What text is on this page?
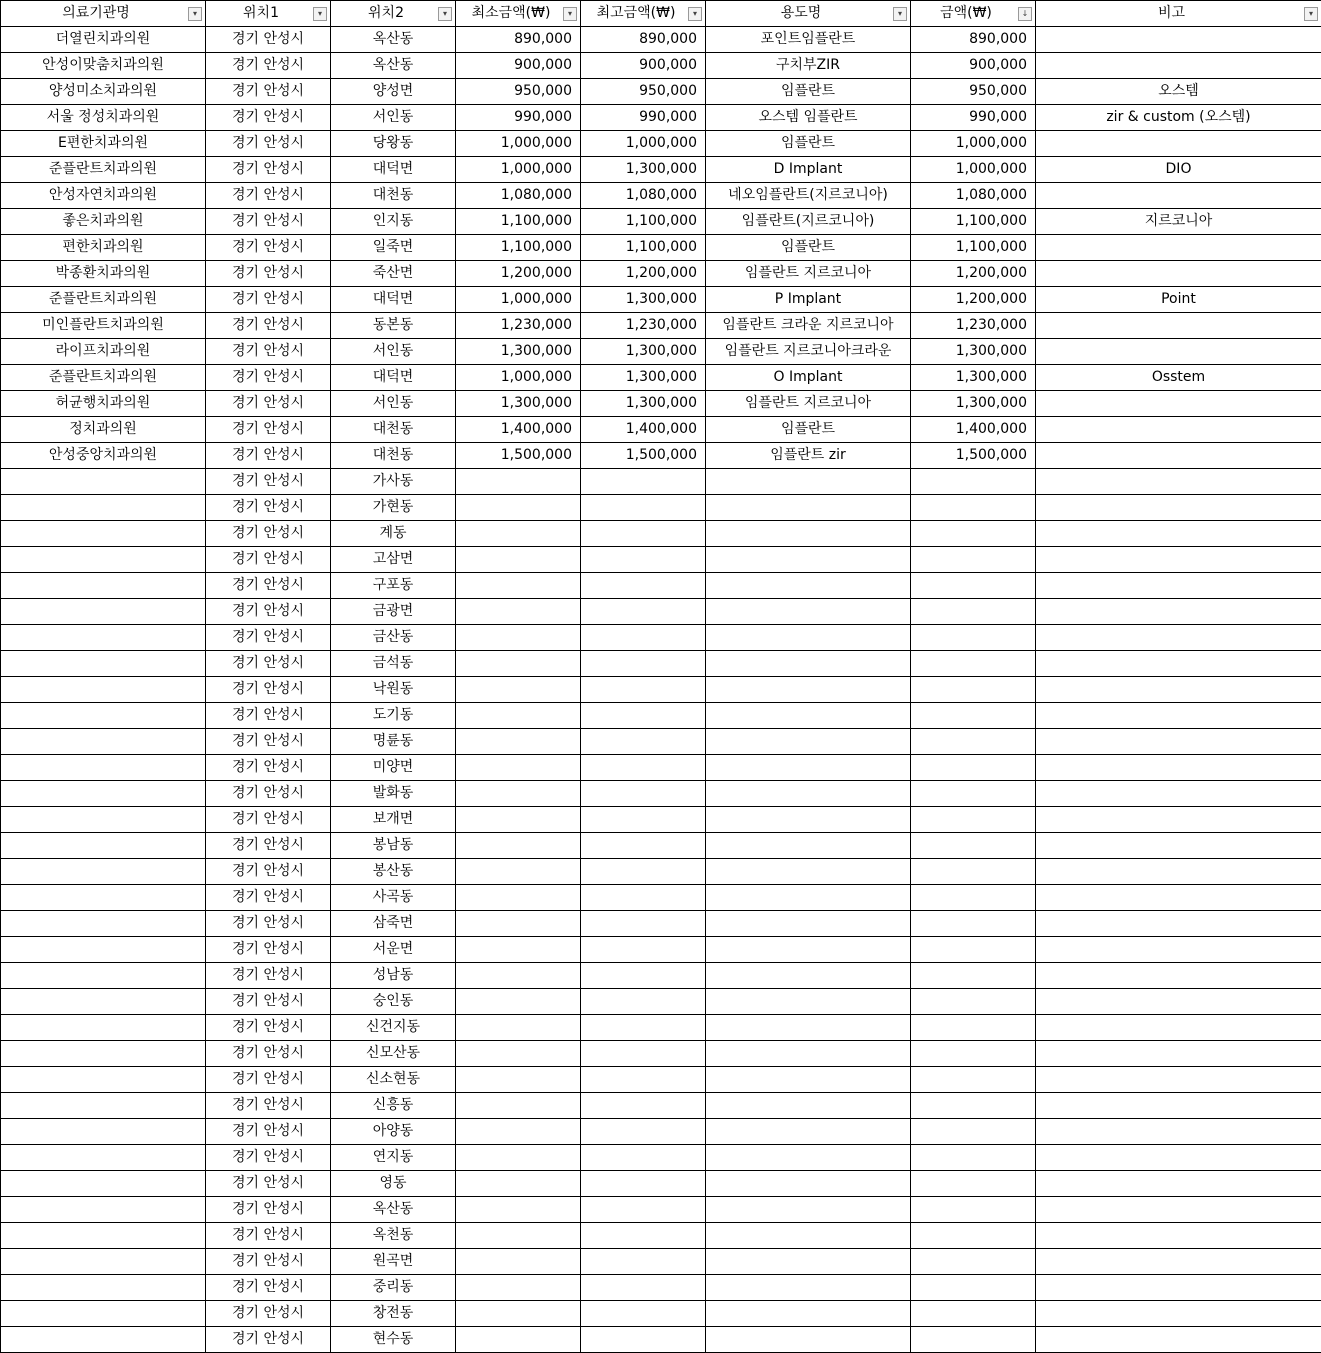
의료기관명 ▾	위치1 ▾	위치2 ▾	최소금액(₩) ▾	최고금액(₩) ▾	용도명 ▾	금액(₩) ↓	비고 ▾

더열린치과의원	경기 안성시	옥산동	890,000	890,000	포인트임플란트	890,000	
안성이맞춤치과의원	경기 안성시	옥산동	900,000	900,000	구치부ZIR	900,000	
양성미소치과의원	경기 안성시	양성면	950,000	950,000	임플란트	950,000	오스템
서울 정성치과의원	경기 안성시	서인동	990,000	990,000	오스템 임플란트	990,000	zir & custom (오스템)
E편한치과의원	경기 안성시	당왕동	1,000,000	1,000,000	임플란트	1,000,000	
준플란트치과의원	경기 안성시	대덕면	1,000,000	1,300,000	D Implant	1,000,000	DIO
안성자연치과의원	경기 안성시	대천동	1,080,000	1,080,000	네오임플란트(지르코니아)	1,080,000	
좋은치과의원	경기 안성시	인지동	1,100,000	1,100,000	임플란트(지르코니아)	1,100,000	지르코니아
편한치과의원	경기 안성시	일죽면	1,100,000	1,100,000	임플란트	1,100,000	
박종환치과의원	경기 안성시	죽산면	1,200,000	1,200,000	임플란트 지르코니아	1,200,000	
준플란트치과의원	경기 안성시	대덕면	1,000,000	1,300,000	P Implant	1,200,000	Point
미인플란트치과의원	경기 안성시	동본동	1,230,000	1,230,000	임플란트 크라운 지르코니아	1,230,000	
라이프치과의원	경기 안성시	서인동	1,300,000	1,300,000	임플란트 지르코니아크라운	1,300,000	
준플란트치과의원	경기 안성시	대덕면	1,000,000	1,300,000	O Implant	1,300,000	Osstem
허균행치과의원	경기 안성시	서인동	1,300,000	1,300,000	임플란트 지르코니아	1,300,000	
정치과의원	경기 안성시	대천동	1,400,000	1,400,000	임플란트	1,400,000	
안성중앙치과의원	경기 안성시	대천동	1,500,000	1,500,000	임플란트 zir	1,500,000	
	경기 안성시	가사동					
	경기 안성시	가현동					
	경기 안성시	계동					
	경기 안성시	고삼면					
	경기 안성시	구포동					
	경기 안성시	금광면					
	경기 안성시	금산동					
	경기 안성시	금석동					
	경기 안성시	낙원동					
	경기 안성시	도기동					
	경기 안성시	명륜동					
	경기 안성시	미양면					
	경기 안성시	발화동					
	경기 안성시	보개면					
	경기 안성시	봉남동					
	경기 안성시	봉산동					
	경기 안성시	사곡동					
	경기 안성시	삼죽면					
	경기 안성시	서운면					
	경기 안성시	성남동					
	경기 안성시	숭인동					
	경기 안성시	신건지동					
	경기 안성시	신모산동					
	경기 안성시	신소현동					
	경기 안성시	신흥동					
	경기 안성시	아양동					
	경기 안성시	연지동					
	경기 안성시	영동					
	경기 안성시	옥산동					
	경기 안성시	옥천동					
	경기 안성시	원곡면					
	경기 안성시	중리동					
	경기 안성시	창전동					
	경기 안성시	현수동					
